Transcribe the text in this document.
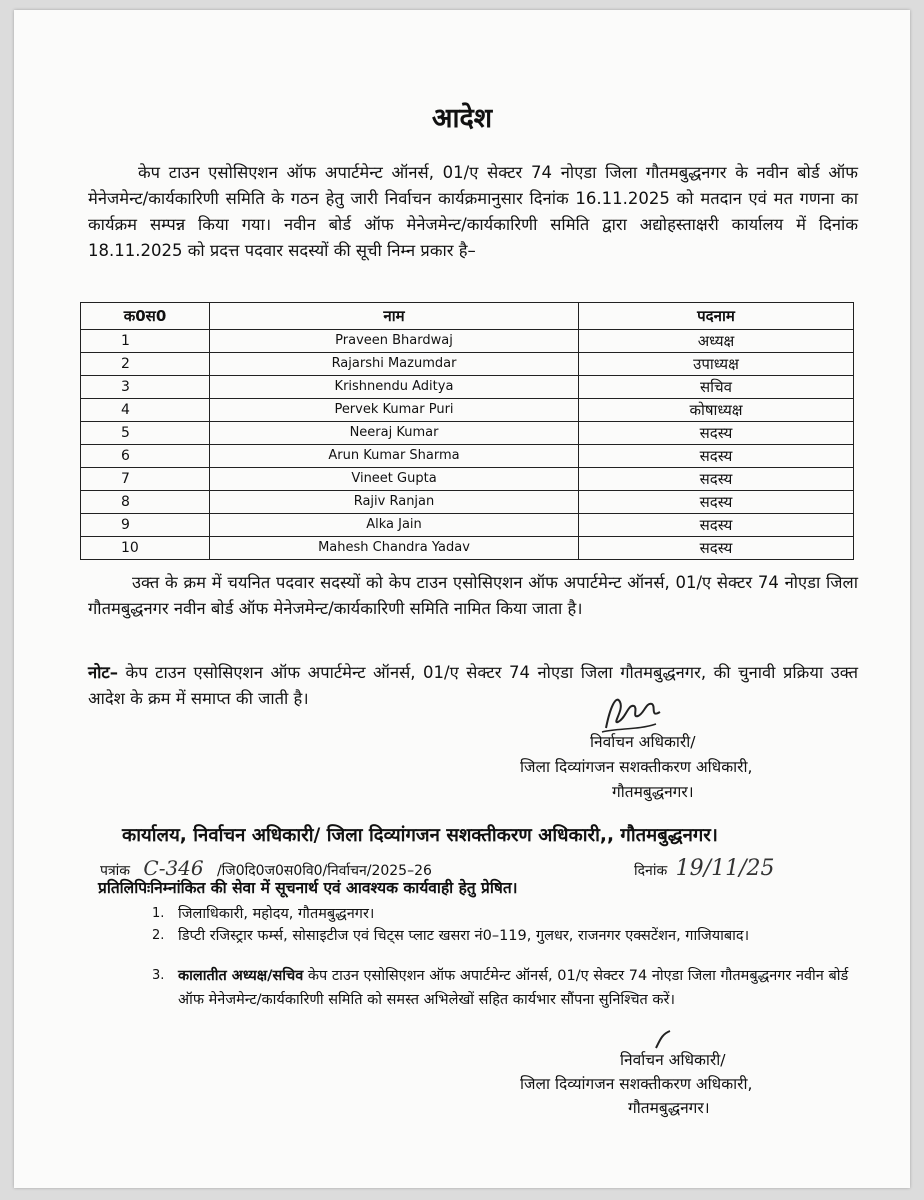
आदेश
केप टाउन एसोसिएशन ऑफ अपार्टमेन्ट ऑनर्स, 01/ए सेक्टर 74 नोएडा जिला गौतमबुद्धनगर के नवीन बोर्ड ऑफ मेनेजमेन्ट/कार्यकारिणी समिति के गठन हेतु जारी निर्वाचन कार्यक्रमानुसार दिनांक 16.11.2025 को मतदान एवं मत गणना का कार्यक्रम सम्पन्न किया गया। नवीन बोर्ड ऑफ मेनेजमेन्ट/कार्यकारिणी समिति द्वारा अद्योहस्ताक्षरी कार्यालय में दिनांक 18.11.2025 को प्रदत्त पदवार सदस्यों की सूची निम्न प्रकार है–
क0स0	नाम	पदनाम
1	Praveen Bhardwaj	अध्यक्ष
2	Rajarshi Mazumdar	उपाध्यक्ष
3	Krishnendu Aditya	सचिव
4	Pervek Kumar Puri	कोषाध्यक्ष
5	Neeraj Kumar	सदस्य
6	Arun Kumar Sharma	सदस्य
7	Vineet Gupta	सदस्य
8	Rajiv Ranjan	सदस्य
9	Alka Jain	सदस्य
10	Mahesh Chandra Yadav	सदस्य
उक्त के क्रम में चयनित पदवार सदस्यों को केप टाउन एसोसिएशन ऑफ अपार्टमेन्ट ऑनर्स, 01/ए सेक्टर 74 नोएडा जिला गौतमबुद्धनगर नवीन बोर्ड ऑफ मेनेजमेन्ट/कार्यकारिणी समिति नामित किया जाता है।
नोट– केप टाउन एसोसिएशन ऑफ अपार्टमेन्ट ऑनर्स, 01/ए सेक्टर 74 नोएडा जिला गौतमबुद्धनगर, की चुनावी प्रक्रिया उक्त आदेश के क्रम में समाप्त की जाती है।
निर्वाचन अधिकारी/
जिला दिव्यांगजन सशक्तीकरण अधिकारी,
गौतमबुद्धनगर।
कार्यालय, निर्वाचन अधिकारी/ जिला दिव्यांगजन सशक्तीकरण अधिकारी,, गौतमबुद्धनगर।
पत्रांक C-346 /जि0दि0ज0स0वि0/निर्वाचन/2025–26	दिनांक 19/11/25
प्रतिलिपिःनिम्नांकित की सेवा में सूचनार्थ एवं आवश्यक कार्यवाही हेतु प्रेषित।
1. जिलाधिकारी, महोदय, गौतमबुद्धनगर।
2. डिप्टी रजिस्ट्रार फर्म्स, सोसाइटीज एवं चिट्स प्लाट खसरा नं0–119, गुलधर, राजनगर एक्सटेंशन, गाजियाबाद।
3. कालातीत अध्यक्ष/सचिव केप टाउन एसोसिएशन ऑफ अपार्टमेन्ट ऑनर्स, 01/ए सेक्टर 74 नोएडा जिला गौतमबुद्धनगर नवीन बोर्ड ऑफ मेनेजमेन्ट/कार्यकारिणी समिति को समस्त अभिलेखों सहित कार्यभार सौंपना सुनिश्चित करें।
निर्वाचन अधिकारी/
जिला दिव्यांगजन सशक्तीकरण अधिकारी,
गौतमबुद्धनगर।
